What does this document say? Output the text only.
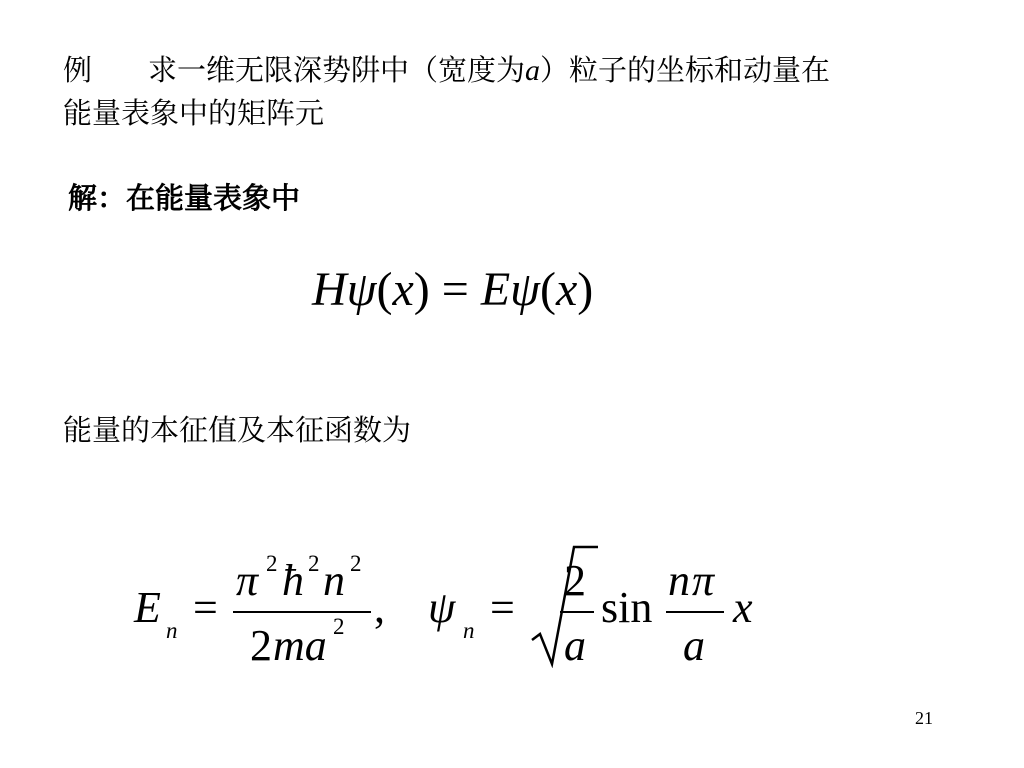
例 求一维无限深势阱中（宽度为a）粒子的坐标和动量在
能量表象中的矩阵元
解：在能量表象中
Hψ(x) = Eψ(x)
能量的本征值及本征函数为
E n =
π 2 ħ 2 n 2
2 ma 2 , ψ n =
2
a
sin
n π
a
x
21
